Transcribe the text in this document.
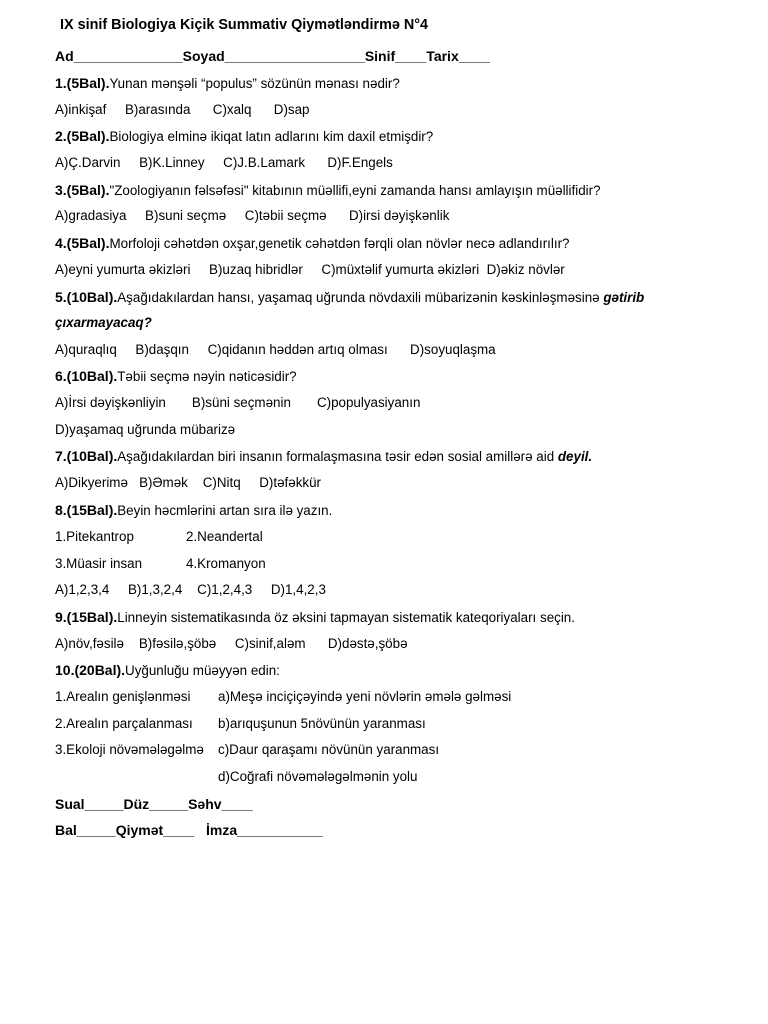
IX sinif Biologiya Kiçik Summativ Qiymətləndirmə N°4
Ad______________Soyad__________________Sinif____Tarix____
1.(5Bal).Yunan mənşəli “populus” sözünün mənası nədir?
A)inkişaf     B)arasında      C)xalq      D)sap
2.(5Bal).Biologiya elminə ikiqat latın adlarını kim daxil etmişdir?
A)Ç.Darvin     B)K.Linney     C)J.B.Lamark      D)F.Engels
3.(5Bal)."Zoologiyanın fəlsəfəsi" kitabının müəllifi,eyni zamanda hansı amlayışın müəllifidir?
A)gradasiya     B)suni seçmə     C)təbii seçmə      D)irsi dəyişkənlik
4.(5Bal).Morfoloji cəhətdən oxşar,genetik cəhətdən fərqli olan növlər necə adlandırılır?
A)eyni yumurta əkizləri     B)uzaq hibridlər     C)müxtəlif yumurta əkizləri  D)əkiz növlər
5.(10Bal).Aşağıdakılardan hansı, yaşamaq uğrunda növdaxili mübarizənin kəskinləşməsinə gətirib
çıxarmayacaq?
A)quraqlıq     B)daşqın     C)qidanın həddən artıq olması      D)soyuqlaşma
6.(10Bal).Təbii seçmə nəyin nəticəsidir?
A)İrsi dəyişkənliyin       B)süni seçmənin       C)populyasiyanın
D)yaşamaq uğrunda mübarizə
7.(10Bal).Aşağıdakılardan biri insanın formalaşmasına təsir edən sosial amillərə aid deyil.
A)Dikyerimə   B)Əmək    C)Nitq     D)təfəkkür
8.(15Bal).Beyin həcmlərini artan sıra ilə yazın.
1.Pitekantrop	2.Neandertal
3.Müasir insan	4.Kromanyon
A)1,2,3,4     B)1,3,2,4    C)1,2,4,3     D)1,4,2,3
9.(15Bal).Linneyin sistematikasında öz əksini tapmayan sistematik kateqoriyaları seçin.
A)növ,fəsilə    B)fəsilə,şöbə     C)sinif,aləm      D)dəstə,şöbə
10.(20Bal).Uyğunluğu müəyyən edin:
1.Arealın genişlənməsi a)Meşə inciçiçəyində yeni növlərin əmələ gəlməsi
2.Arealın parçalanması b)arıquşunun 5növünün yaranması
3.Ekoloji növəmələgəlmə c)Daur qaraşamı növünün yaranması
d)Coğrafi növəmələgəlmənin yolu
Sual_____Düz_____Səhv____
Bal_____Qiymət____   İmza___________
